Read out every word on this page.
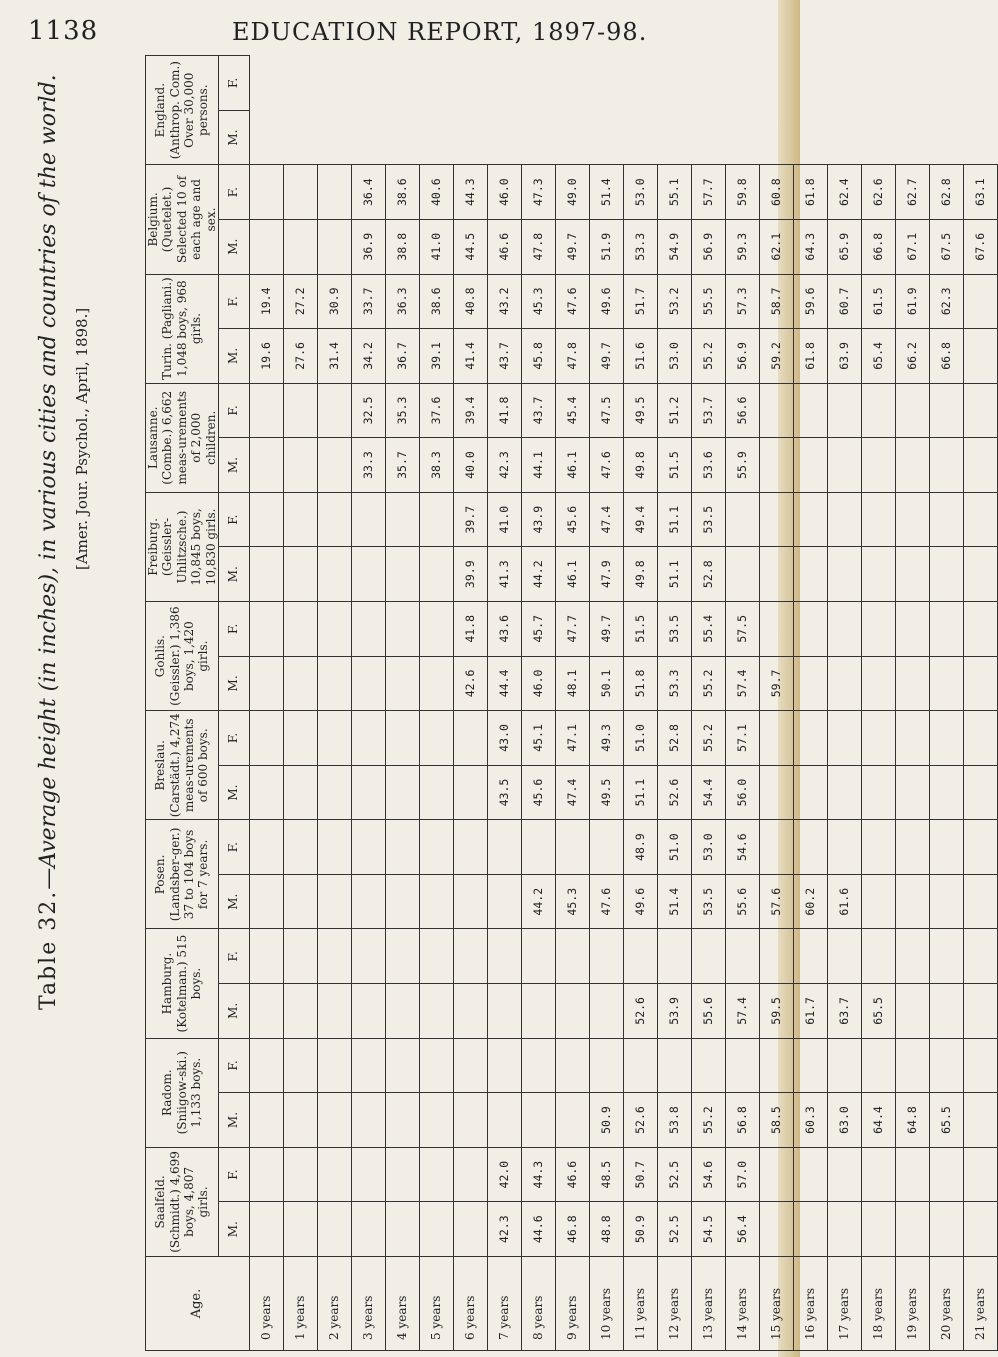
1138	EDUCATION REPORT, 1897-98.
Table 32.—Average height (in inches), in various cities and countries of the world. [Amer. Jour. Psychol., April, 1898.]
Age.	Saalfeld. (Schmidt.) 4,699 boys, 4,807 girls.		Radom. (Sniigow-ski.) 1,133 boys.		Hamburg. (Kotelman.) 515 boys.		Posen. (Landsber-ger.) 37 to 104 boys for 7 years.		Breslau. (Carstädt.) 4,274 meas-urements of 600 boys.		Gohlis. (Geissler.) 1,386 boys, 1,420 girls.		Freiburg. (Geissler-Uhlitzsche.) 10,845 boys, 10,830 girls.		Lausanne. (Combe.) 6,662 meas-urements of 2,000 children.		Turin. (Pagliani.) 1,048 boys, 968 girls.		Belgium. (Quetelet.) Selected 10 of each age and sex.		England. (Anthrop. Com.) Over 30,000 persons.	
	M.	F.	M.	F.	M.	F.	M.	F.	M.	F.	M.	F.	M.	F.	M.	F.	M.	F.	M.	F.	M.	F.
0 years																	19.6	19.4				
1 years																	27.6	27.2				
2 years																	31.4	30.9				
3 years															33.3	32.5	34.2	33.7	36.9	36.4		
4 years															35.7	35.3	36.7	36.3	38.8	38.6		
5 years															38.3	37.6	39.1	38.6	41.0	40.6		
6 years											42.6	41.8	39.9	39.7	40.0	39.4	41.4	40.8	44.5	44.3		
7 years	42.3	42.0							43.5	43.0	44.4	43.6	41.3	41.0	42.3	41.8	43.7	43.2	46.6	46.0		
8 years	44.6	44.3					44.2		45.6	45.1	46.0	45.7	44.2	43.9	44.1	43.7	45.8	45.3	47.8	47.3		
9 years	46.8	46.6					45.3		47.4	47.1	48.1	47.7	46.1	45.6	46.1	45.4	47.8	47.6	49.7	49.0		
10 years	48.8	48.5	50.9				47.6		49.5	49.3	50.1	49.7	47.9	47.4	47.6	47.5	49.7	49.6	51.9	51.4		
11 years	50.9	50.7	52.6		52.6		49.6	48.9	51.1	51.0	51.8	51.5	49.8	49.4	49.8	49.5	51.6	51.7	53.3	53.0		
12 years	52.5	52.5	53.8		53.9		51.4	51.0	52.6	52.8	53.3	53.5	51.1	51.1	51.5	51.2	53.0	53.2	54.9	55.1		
13 years	54.5	54.6	55.2		55.6		53.5	53.0	54.4	55.2	55.2	55.4	52.8	53.5	53.6	53.7	55.2	55.5	56.9	57.7		
14 years	56.4	57.0	56.8		57.4		55.6	54.6	56.0	57.1	57.4	57.5			55.9	56.6	56.9	57.3	59.3	59.8		
15 years			58.5		59.5		57.6				59.7						59.2	58.7	62.1	60.8		
16 years			60.3		61.7		60.2										61.8	59.6	64.3	61.8		
17 years			63.0		63.7		61.6										63.9	60.7	65.9	62.4		
18 years			64.4		65.5												65.4	61.5	66.8	62.6		
19 years			64.8														66.2	61.9	67.1	62.7		
20 years			65.5														66.8	62.3	67.5	62.8		
21 years																			67.6	63.1		
